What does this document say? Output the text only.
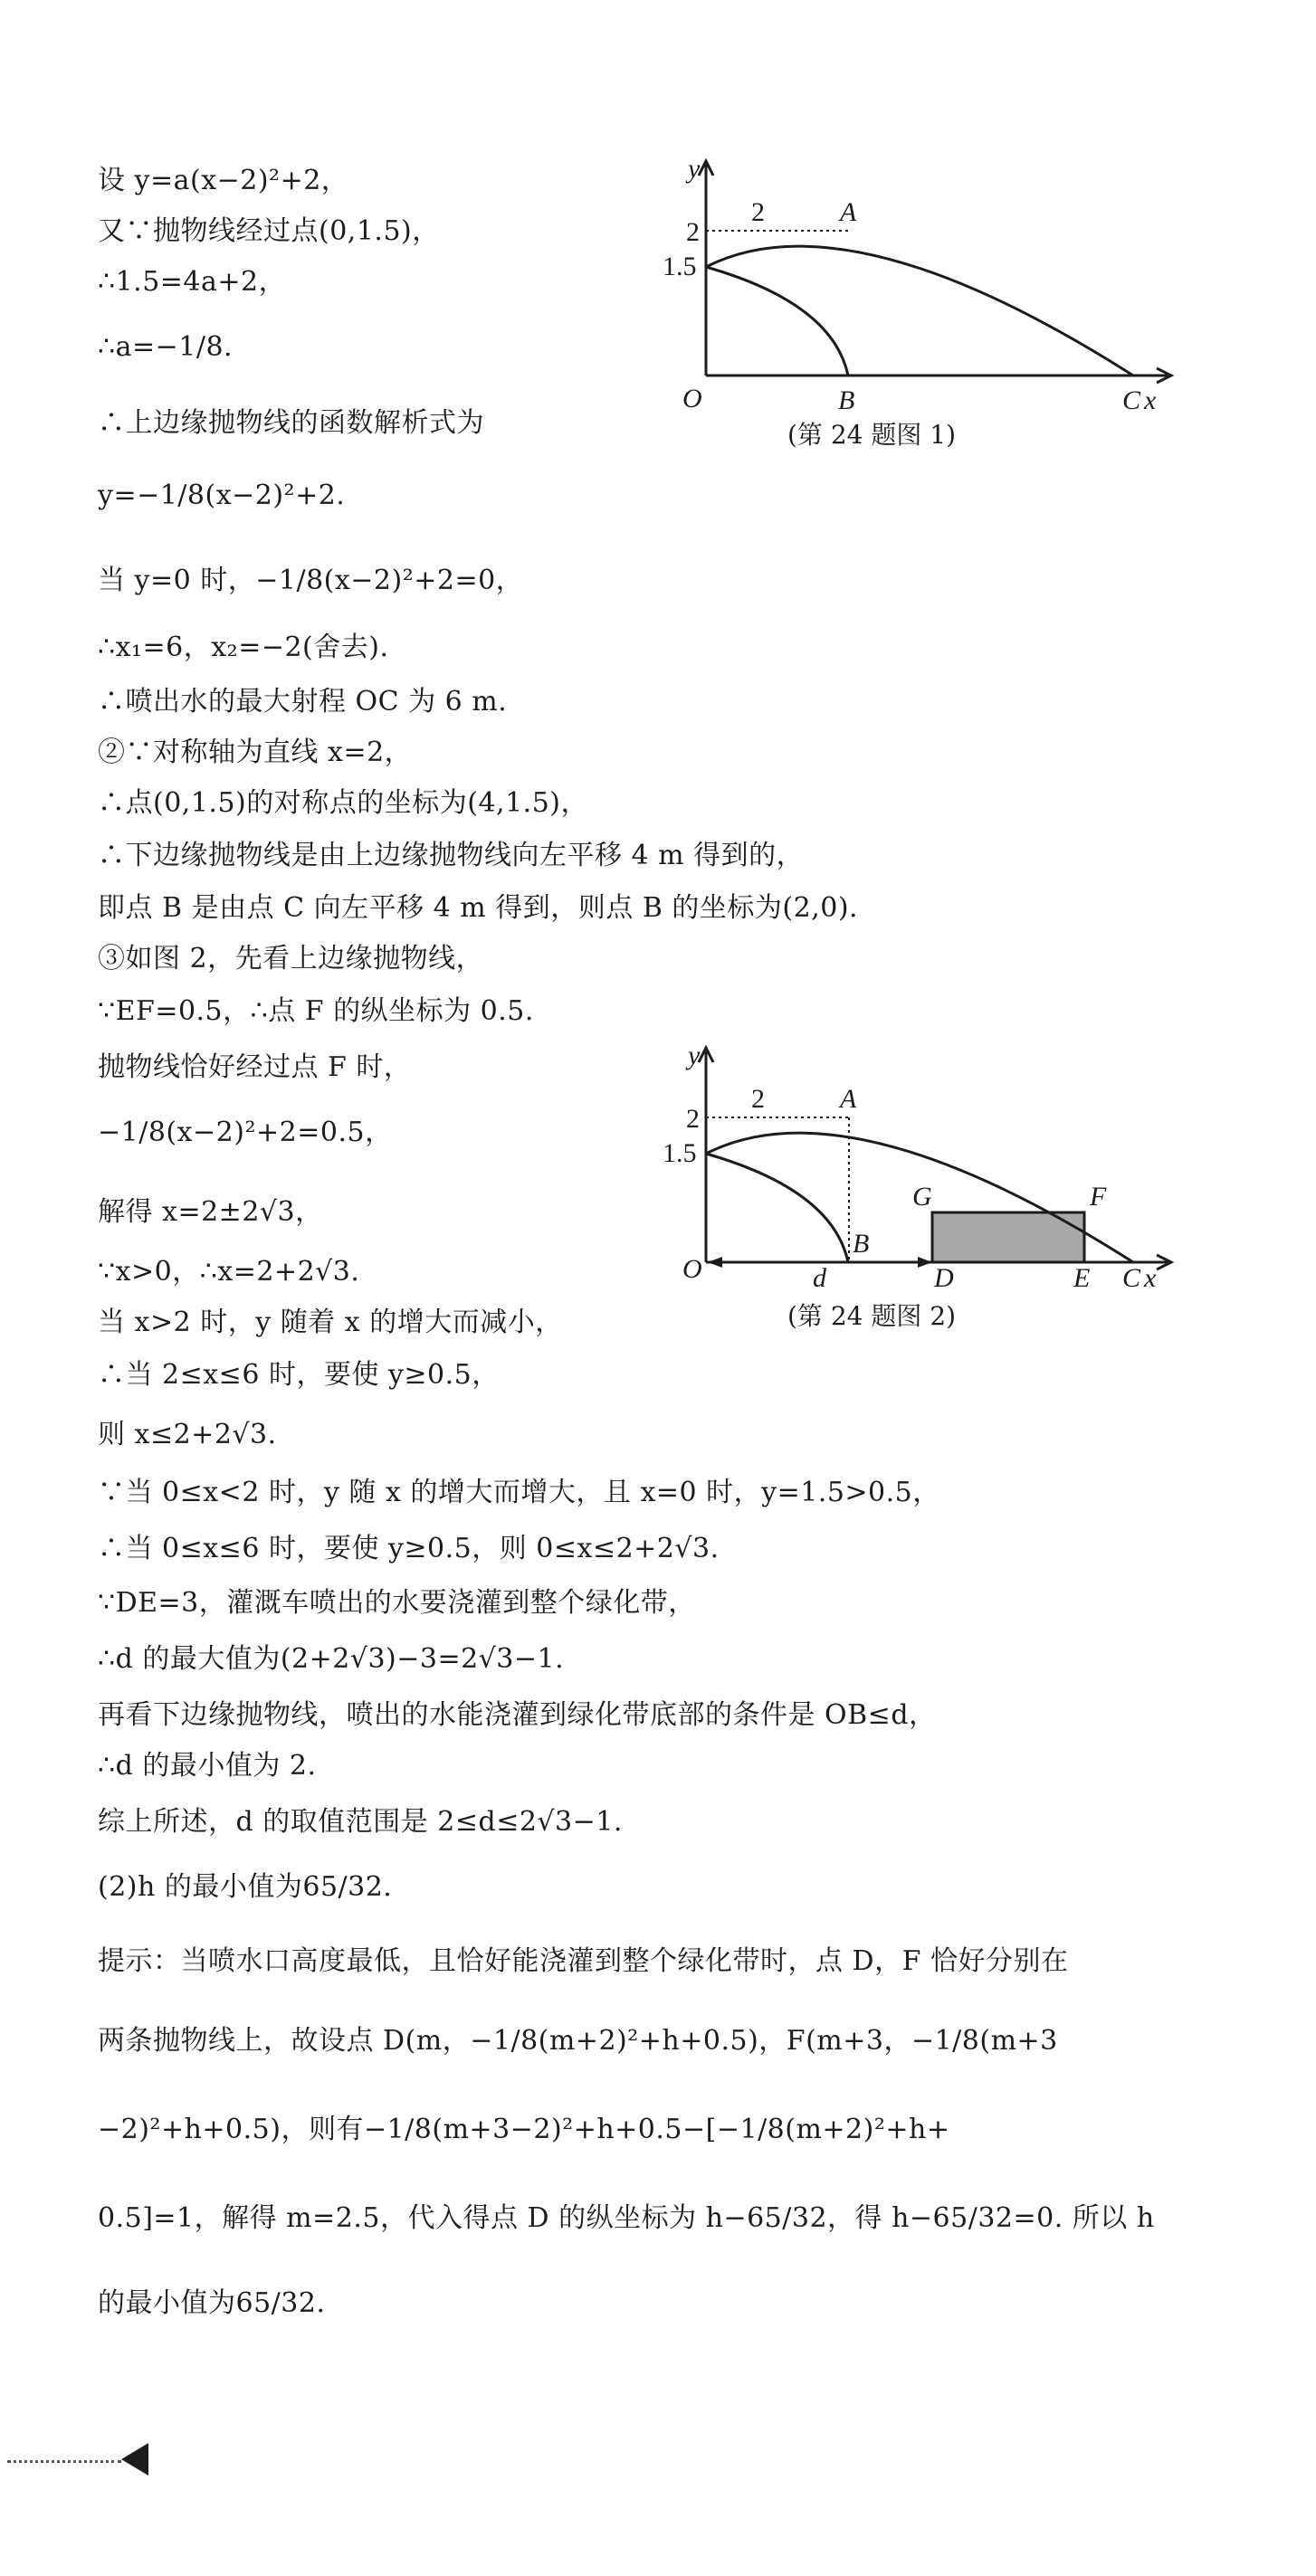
设 y=a(x−2)²+2，
又∵抛物线经过点(0,1.5)，
∴1.5=4a+2，
∴a=−1/8.
∴上边缘抛物线的函数解析式为
y=−1/8(x−2)²+2.
当 y=0 时，−1/8(x−2)²+2=0，
∴x₁=6，x₂=−2(舍去).
∴喷出水的最大射程 OC 为 6 m.
②∵对称轴为直线 x=2，
∴点(0,1.5)的对称点的坐标为(4,1.5)，
∴下边缘抛物线是由上边缘抛物线向左平移 4 m 得到的，
即点 B 是由点 C 向左平移 4 m 得到，则点 B 的坐标为(2,0).
③如图 2，先看上边缘抛物线，
∵EF=0.5，∴点 F 的纵坐标为 0.5.
抛物线恰好经过点 F 时，
−1/8(x−2)²+2=0.5，
解得 x=2±2√3，
∵x>0，∴x=2+2√3.
当 x>2 时，y 随着 x 的增大而减小，
∴当 2≤x≤6 时，要使 y≥0.5，
则 x≤2+2√3.
∵当 0≤x<2 时，y 随 x 的增大而增大，且 x=0 时，y=1.5>0.5，
∴当 0≤x≤6 时，要使 y≥0.5，则 0≤x≤2+2√3.
∵DE=3，灌溉车喷出的水要浇灌到整个绿化带，
∴d 的最大值为(2+2√3)−3=2√3−1.
再看下边缘抛物线，喷出的水能浇灌到绿化带底部的条件是 OB≤d，
∴d 的最小值为 2.
综上所述，d 的取值范围是 2≤d≤2√3−1.
(2)h 的最小值为65/32.
提示：当喷水口高度最低，且恰好能浇灌到整个绿化带时，点 D，F 恰好分别在
两条抛物线上，故设点 D(m，−1/8(m+2)²+h+0.5)，F(m+3，−1/8(m+3
−2)²+h+0.5)，则有−1/8(m+3−2)²+h+0.5−[−1/8(m+2)²+h+
0.5]=1，解得 m=2.5，代入得点 D 的纵坐标为 h−65/32，得 h−65/32=0. 所以 h
的最小值为65/32.
y
2	A
2
1.5
O	B	C x
(第 24 题图 1)
y
2	A
2
1.5
G	F
B
O	d	D	E C x
(第 24 题图 2)
